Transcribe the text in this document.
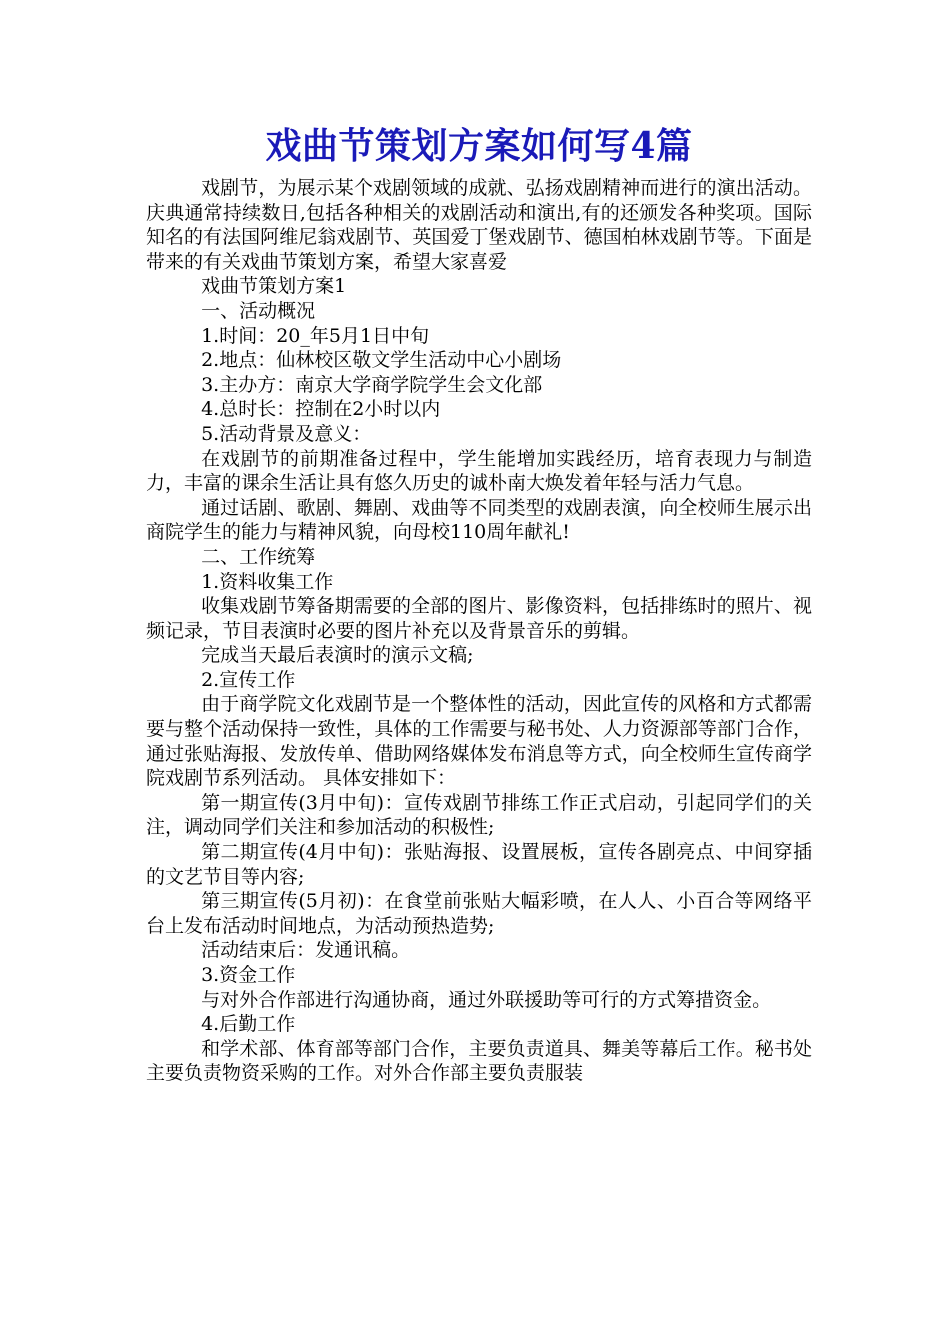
戏曲节策划方案如何写4篇

戏剧节，为展示某个戏剧领域的成就、弘扬戏剧精神而进行的演出活动。庆典通常持续数日,包括各种相关的戏剧活动和演出,有的还颁发各种奖项。国际知名的有法国阿维尼翁戏剧节、英国爱丁堡戏剧节、德国柏林戏剧节等。下面是带来的有关戏曲节策划方案，希望大家喜爱

戏曲节策划方案1

一、活动概况

1.时间：20_年5月1日中旬

2.地点：仙林校区敬文学生活动中心小剧场

3.主办方：南京大学商学院学生会文化部

4.总时长：控制在2小时以内

5.活动背景及意义：

在戏剧节的前期准备过程中，学生能增加实践经历，培育表现力与制造力，丰富的课余生活让具有悠久历史的诚朴南大焕发着年轻与活力气息。

通过话剧、歌剧、舞剧、戏曲等不同类型的戏剧表演，向全校师生展示出商院学生的能力与精神风貌，向母校110周年献礼!

二、工作统筹

1.资料收集工作

收集戏剧节筹备期需要的全部的图片、影像资料，包括排练时的照片、视频记录，节目表演时必要的图片补充以及背景音乐的剪辑。

完成当天最后表演时的演示文稿;

2.宣传工作

由于商学院文化戏剧节是一个整体性的活动，因此宣传的风格和方式都需要与整个活动保持一致性，具体的工作需要与秘书处、人力资源部等部门合作，通过张贴海报、发放传单、借助网络媒体发布消息等方式，向全校师生宣传商学院戏剧节系列活动。 具体安排如下：

第一期宣传(3月中旬)：宣传戏剧节排练工作正式启动，引起同学们的关注，调动同学们关注和参加活动的积极性;

第二期宣传(4月中旬)：张贴海报、设置展板，宣传各剧亮点、中间穿插的文艺节目等内容;

第三期宣传(5月初)：在食堂前张贴大幅彩喷，在人人、小百合等网络平台上发布活动时间地点，为活动预热造势;

活动结束后：发通讯稿。

3.资金工作

与对外合作部进行沟通协商，通过外联援助等可行的方式筹措资金。

4.后勤工作

和学术部、体育部等部门合作，主要负责道具、舞美等幕后工作。秘书处主要负责物资采购的工作。对外合作部主要负责服装
